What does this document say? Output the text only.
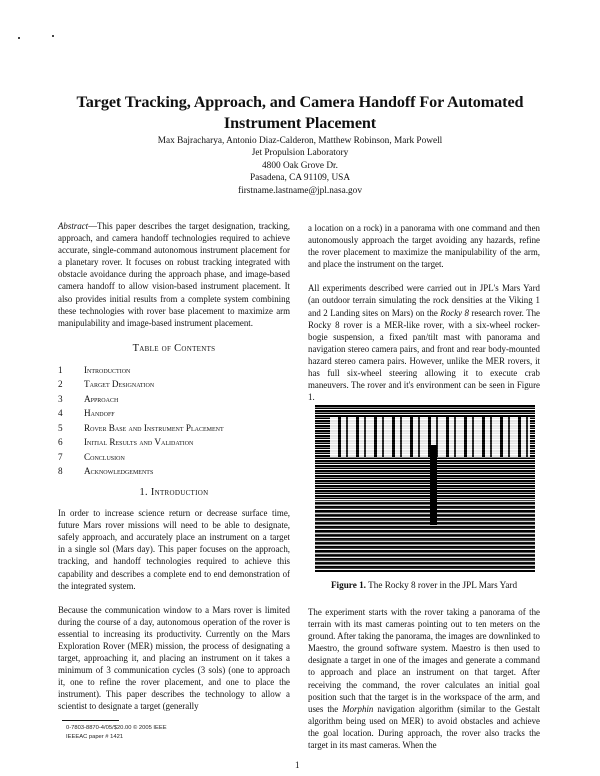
Target Tracking, Approach, and Camera Handoff For Automated
Instrument Placement
Max Bajracharya, Antonio Diaz-Calderon, Matthew Robinson, Mark Powell
Jet Propulsion Laboratory
4800 Oak Grove Dr.
Pasadena, CA 91109, USA
firstname.lastname@jpl.nasa.gov

Abstract—This paper describes the target designation, tracking, approach, and camera handoff technologies required to achieve accurate, single-command autonomous instrument placement for a planetary rover. It focuses on robust tracking integrated with obstacle avoidance during the approach phase, and image-based camera handoff to allow vision-based instrument placement. It also provides initial results from a complete system combining these technologies with rover base placement to maximize arm manipulability and image-based instrument placement.

Table of Contents

1	Introduction
2	Target Designation
3	Approach
4	Handoff
5	Rover Base and Instrument Placement
6	Initial Results and Validation
7	Conclusion
8	Acknowledgements

1. Introduction

In order to increase science return or decrease surface time, future Mars rover missions will need to be able to designate, safely approach, and accurately place an instrument on a target in a single sol (Mars day). This paper focuses on the approach, tracking, and handoff technologies required to achieve this capability and describes a complete end to end demonstration of the integrated system.

Because the communication window to a Mars rover is limited during the course of a day, autonomous operation of the rover is essential to increasing its productivity. Currently on the Mars Exploration Rover (MER) mission, the process of designating a target, approaching it, and placing an instrument on it takes a minimum of 3 communication cycles (3 sols) (one to approach it, one to refine the rover placement, and one to place the instrument). This paper describes the technology to allow a scientist to designate a target (generally

a location on a rock) in a panorama with one command and then autonomously approach the target avoiding any hazards, refine the rover placement to maximize the manipulability of the arm, and place the instrument on the target.

All experiments described were carried out in JPL's Mars Yard (an outdoor terrain simulating the rock densities at the Viking 1 and 2 Landing sites on Mars) on the Rocky 8 research rover. The Rocky 8 rover is a MER-like rover, with a six-wheel rocker-bogie suspension, a fixed pan/tilt mast with panorama and navigation stereo camera pairs, and front and rear body-mounted hazard stereo camera pairs. However, unlike the MER rovers, it has full six-wheel steering allowing it to execute crab maneuvers. The rover and it's environment can be seen in Figure 1.

Figure 1. The Rocky 8 rover in the JPL Mars Yard

The experiment starts with the rover taking a panorama of the terrain with its mast cameras pointing out to ten meters on the ground. After taking the panorama, the images are downlinked to Maestro, the ground software system. Maestro is then used to designate a target in one of the images and generate a command to approach and place an instrument on that target. After receiving the command, the rover calculates an initial goal position such that the target is in the workspace of the arm, and uses the Morphin navigation algorithm (similar to the Gestalt algorithm being used on MER) to avoid obstacles and achieve the goal location. During approach, the rover also tracks the target in its mast cameras. When the

0-7803-8870-4/05/$20.00 © 2005 IEEE
IEEEAC paper # 1421
1
